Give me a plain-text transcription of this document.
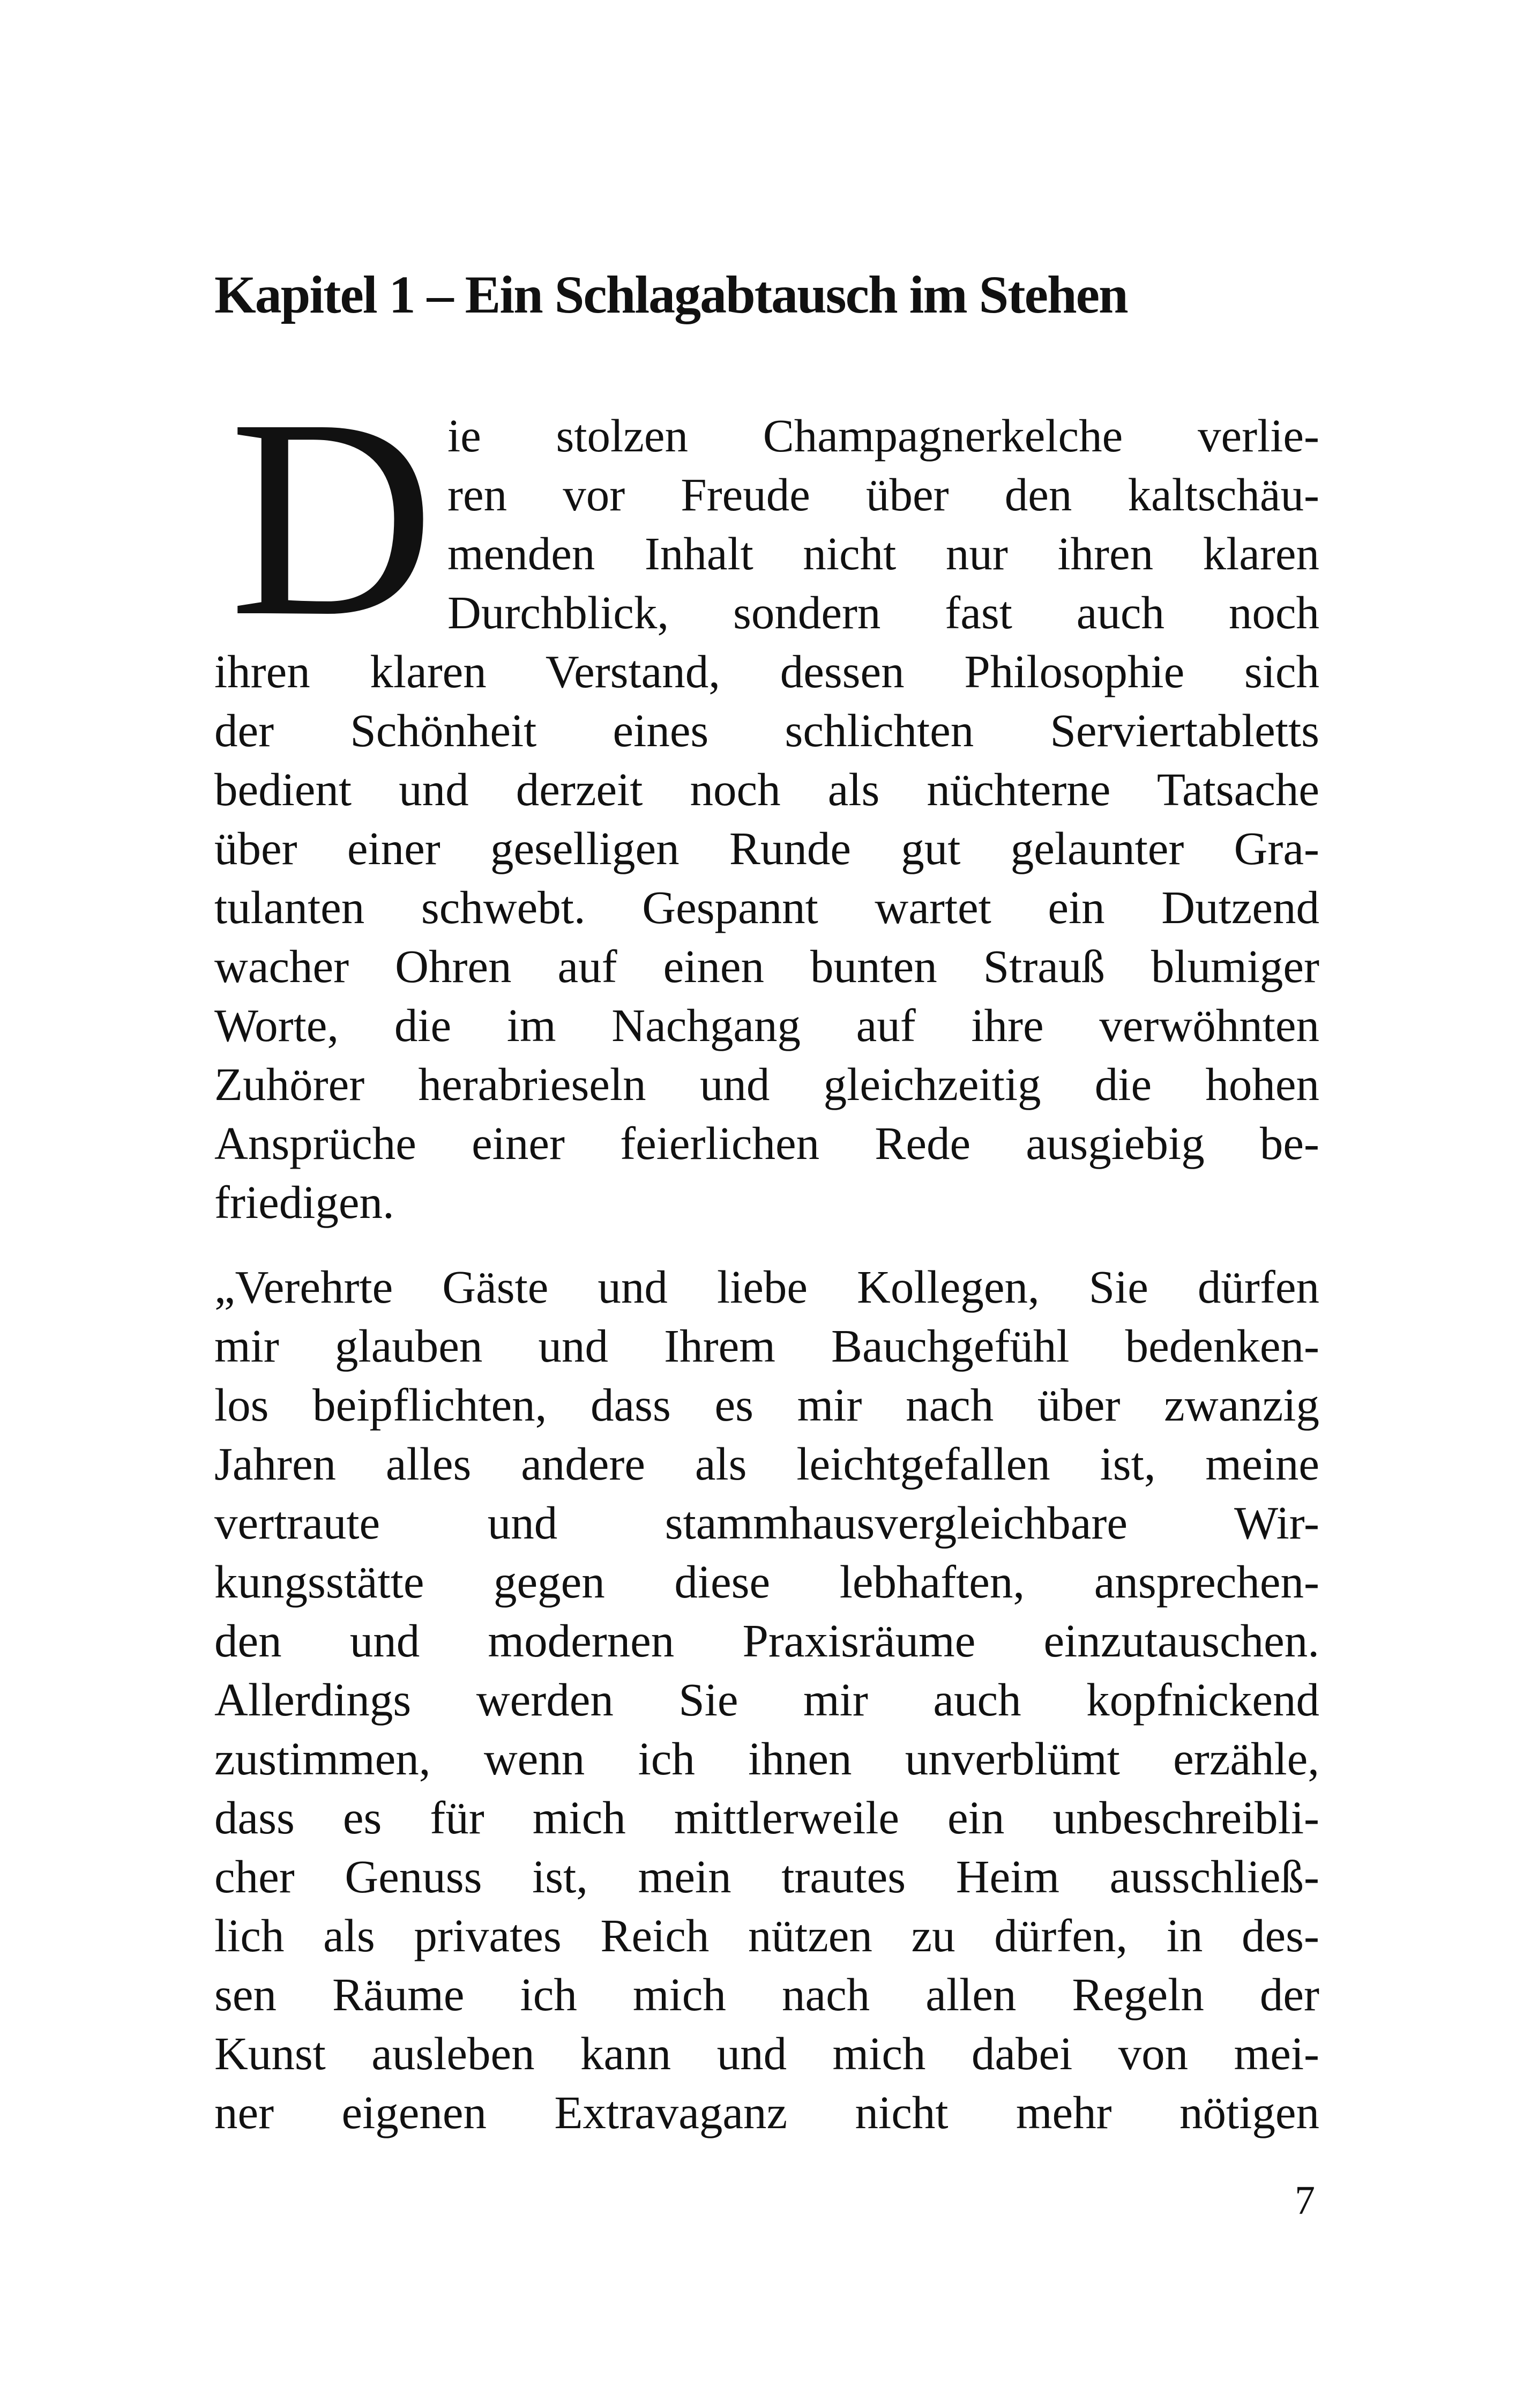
Kapitel 1 – Ein Schlagabtausch im Stehen
D ie stolzen Champagnerkelche verlie-
ren vor Freude über den kaltschäu-
menden Inhalt nicht nur ihren klaren
Durchblick, sondern fast auch noch
ihren klaren Verstand, dessen Philosophie sich
der Schönheit eines schlichten Serviertabletts
bedient und derzeit noch als nüchterne Tatsache
über einer geselligen Runde gut gelaunter Gra-
tulanten schwebt. Gespannt wartet ein Dutzend
wacher Ohren auf einen bunten Strauß blumiger
Worte, die im Nachgang auf ihre verwöhnten
Zuhörer herabrieseln und gleichzeitig die hohen
Ansprüche einer feierlichen Rede ausgiebig be-
friedigen.
„Verehrte Gäste und liebe Kollegen, Sie dürfen
mir glauben und Ihrem Bauchgefühl bedenken-
los beipflichten, dass es mir nach über zwanzig
Jahren alles andere als leichtgefallen ist, meine
vertraute und stammhausvergleichbare Wir-
kungsstätte gegen diese lebhaften, ansprechen-
den und modernen Praxisräume einzutauschen.
Allerdings werden Sie mir auch kopfnickend
zustimmen, wenn ich ihnen unverblümt erzähle,
dass es für mich mittlerweile ein unbeschreibli-
cher Genuss ist, mein trautes Heim ausschließ-
lich als privates Reich nützen zu dürfen, in des-
sen Räume ich mich nach allen Regeln der
Kunst ausleben kann und mich dabei von mei-
ner eigenen Extravaganz nicht mehr nötigen
7
